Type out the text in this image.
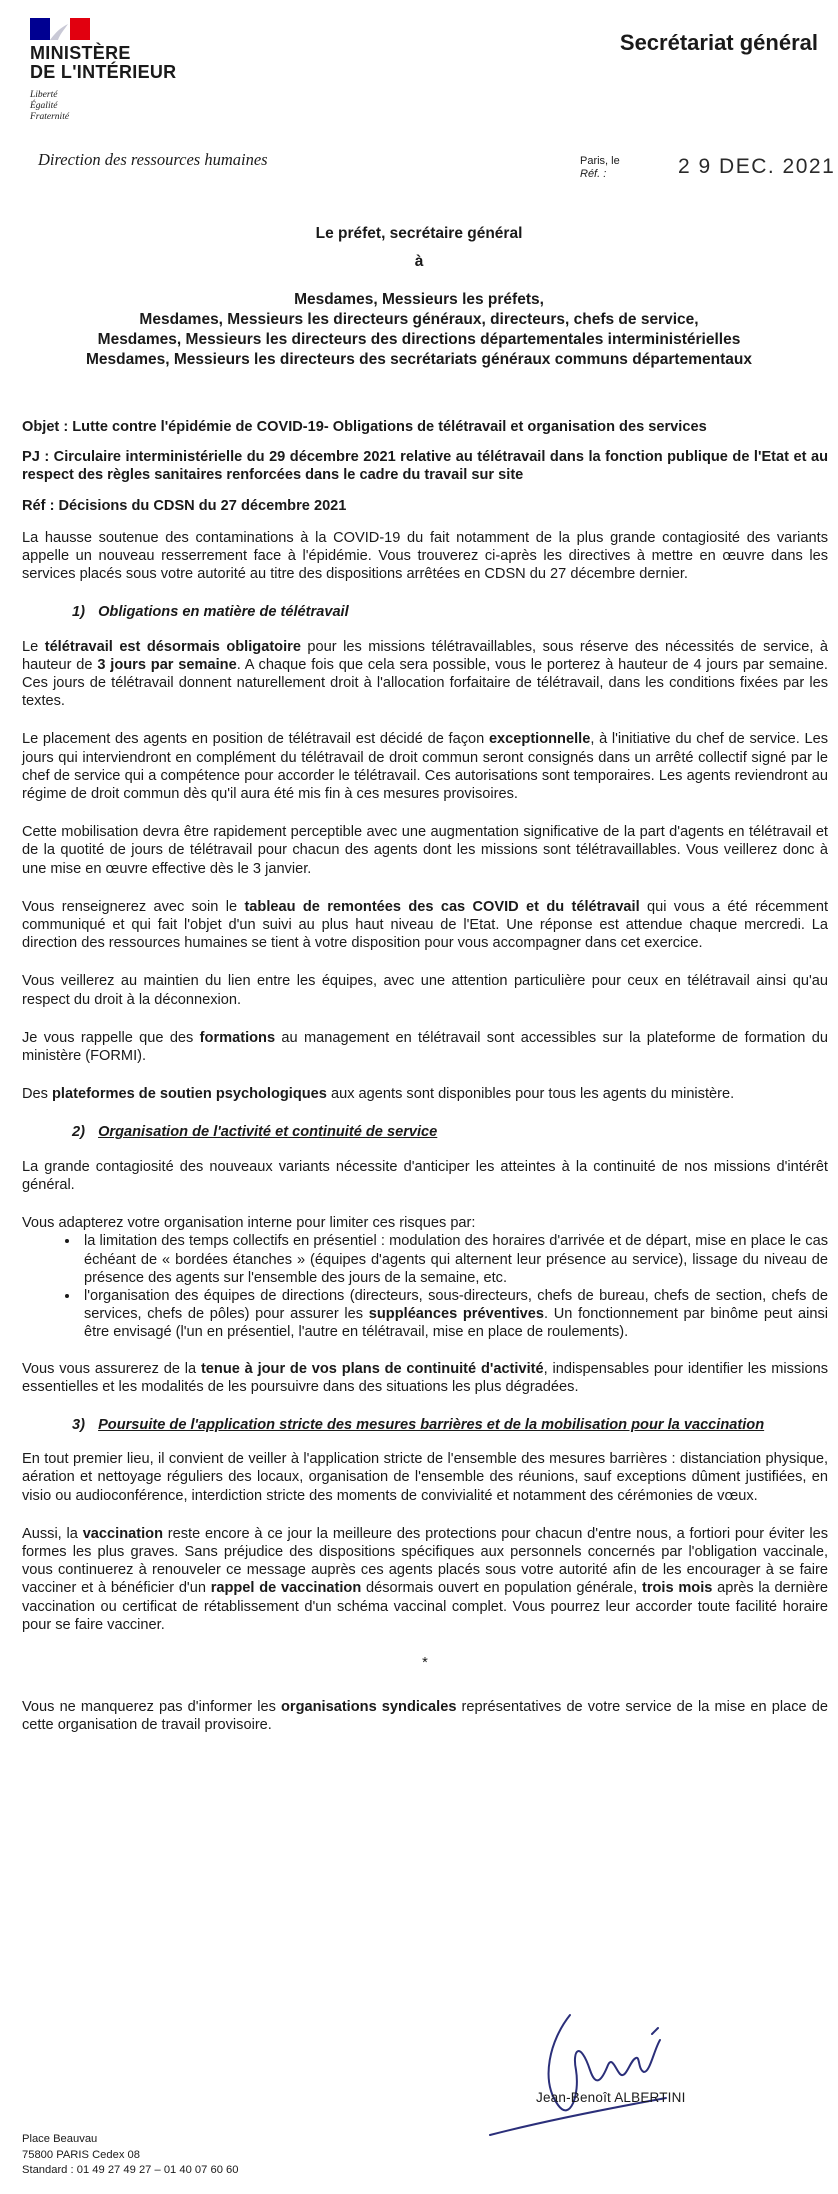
MINISTÈRE
DE L'INTÉRIEUR
Liberté
Égalité
Fraternité
Secrétariat général
Direction des ressources humaines	Paris, le
Réf. :	2 9 DEC. 2021
Le préfet, secrétaire général
à
Mesdames, Messieurs les préfets,
Mesdames, Messieurs les directeurs généraux, directeurs, chefs de service,
Mesdames, Messieurs les directeurs des directions départementales interministérielles
Mesdames, Messieurs les directeurs des secrétariats généraux communs départementaux

Objet : Lutte contre l'épidémie de COVID-19- Obligations de télétravail et organisation des services

PJ : Circulaire interministérielle du 29 décembre 2021 relative au télétravail dans la fonction publique de l'Etat et au respect des règles sanitaires renforcées dans le cadre du travail sur site

Réf : Décisions du CDSN du 27 décembre 2021

La hausse soutenue des contaminations à la COVID-19 du fait notamment de la plus grande contagiosité des variants appelle un nouveau resserrement face à l'épidémie. Vous trouverez ci-après les directives à mettre en œuvre dans les services placés sous votre autorité au titre des dispositions arrêtées en CDSN du 27 décembre dernier.

1) Obligations en matière de télétravail

Le télétravail est désormais obligatoire pour les missions télétravaillables, sous réserve des nécessités de service, à hauteur de 3 jours par semaine. A chaque fois que cela sera possible, vous le porterez à hauteur de 4 jours par semaine. Ces jours de télétravail donnent naturellement droit à l'allocation forfaitaire de télétravail, dans les conditions fixées par les textes.

Le placement des agents en position de télétravail est décidé de façon exceptionnelle, à l'initiative du chef de service. Les jours qui interviendront en complément du télétravail de droit commun seront consignés dans un arrêté collectif signé par le chef de service qui a compétence pour accorder le télétravail. Ces autorisations sont temporaires. Les agents reviendront au régime de droit commun dès qu'il aura été mis fin à ces mesures provisoires.

Cette mobilisation devra être rapidement perceptible avec une augmentation significative de la part d'agents en télétravail et de la quotité de jours de télétravail pour chacun des agents dont les missions sont télétravaillables. Vous veillerez donc à une mise en œuvre effective dès le 3 janvier.

Vous renseignerez avec soin le tableau de remontées des cas COVID et du télétravail qui vous a été récemment communiqué et qui fait l'objet d'un suivi au plus haut niveau de l'Etat. Une réponse est attendue chaque mercredi. La direction des ressources humaines se tient à votre disposition pour vous accompagner dans cet exercice.

Vous veillerez au maintien du lien entre les équipes, avec une attention particulière pour ceux en télétravail ainsi qu'au respect du droit à la déconnexion.

Je vous rappelle que des formations au management en télétravail sont accessibles sur la plateforme de formation du ministère (FORMI).

Des plateformes de soutien psychologiques aux agents sont disponibles pour tous les agents du ministère.

2) Organisation de l'activité et continuité de service

La grande contagiosité des nouveaux variants nécessite d'anticiper les atteintes à la continuité de nos missions d'intérêt général.

Vous adapterez votre organisation interne pour limiter ces risques par:

• la limitation des temps collectifs en présentiel : modulation des horaires d'arrivée et de départ, mise en place le cas échéant de « bordées étanches » (équipes d'agents qui alternent leur présence au service), lissage du niveau de présence des agents sur l'ensemble des jours de la semaine, etc.
• l'organisation des équipes de directions (directeurs, sous-directeurs, chefs de bureau, chefs de section, chefs de services, chefs de pôles) pour assurer les suppléances préventives. Un fonctionnement par binôme peut ainsi être envisagé (l'un en présentiel, l'autre en télétravail, mise en place de roulements).

Vous vous assurerez de la tenue à jour de vos plans de continuité d'activité, indispensables pour identifier les missions essentielles et les modalités de les poursuivre dans des situations les plus dégradées.

3) Poursuite de l'application stricte des mesures barrières et de la mobilisation pour la vaccination

En tout premier lieu, il convient de veiller à l'application stricte de l'ensemble des mesures barrières : distanciation physique, aération et nettoyage réguliers des locaux, organisation de l'ensemble des réunions, sauf exceptions dûment justifiées, en visio ou audioconférence, interdiction stricte des moments de convivialité et notamment des cérémonies de vœux.

Aussi, la vaccination reste encore à ce jour la meilleure des protections pour chacun d'entre nous, a fortiori pour éviter les formes les plus graves. Sans préjudice des dispositions spécifiques aux personnels concernés par l'obligation vaccinale, vous continuerez à renouveler ce message auprès ces agents placés sous votre autorité afin de les encourager à se faire vacciner et à bénéficier d'un rappel de vaccination désormais ouvert en population générale, trois mois après la dernière vaccination ou certificat de rétablissement d'un schéma vaccinal complet. Vous pourrez leur accorder toute facilité horaire pour se faire vacciner.

*

Vous ne manquerez pas d'informer les organisations syndicales représentatives de votre service de la mise en place de cette organisation de travail provisoire.

Jean-Benoît ALBERTINI
Place Beauvau
75800 PARIS Cedex 08
Standard : 01 49 27 49 27 – 01 40 07 60 60
